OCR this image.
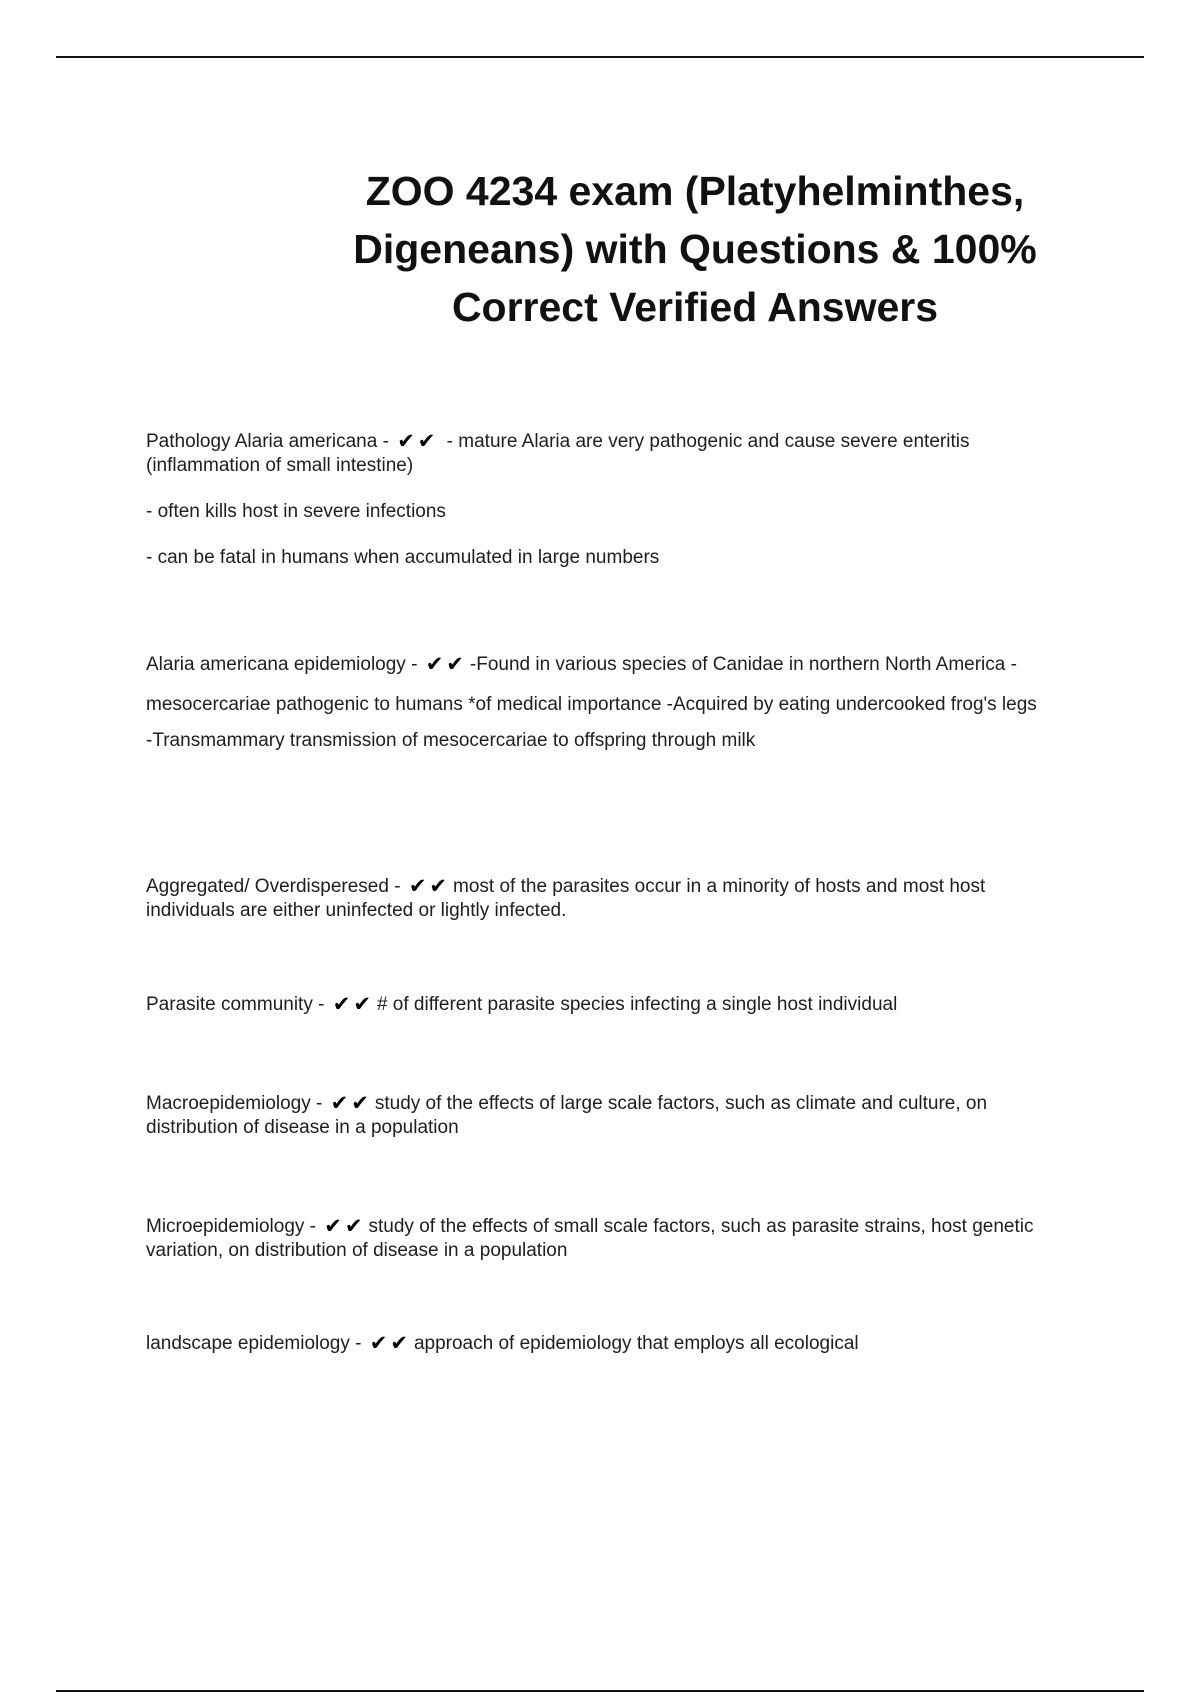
ZOO 4234 exam (Platyhelminthes,
Digeneans) with Questions & 100%
Correct Verified Answers

Pathology Alaria americana - ✔✔ - mature Alaria are very pathogenic and cause severe enteritis (inflammation of small intestine)

- often kills host in severe infections

- can be fatal in humans when accumulated in large numbers

Alaria americana epidemiology - ✔✔ -Found in various species of Canidae in northern North America -mesocercariae pathogenic to humans *of medical importance -Acquired by eating undercooked frog's legs

-Transmammary transmission of mesocercariae to offspring through milk

Aggregated/ Overdisperesed - ✔✔ most of the parasites occur in a minority of hosts and most host individuals are either uninfected or lightly infected.

Parasite community - ✔✔ # of different parasite species infecting a single host individual

Macroepidemiology - ✔✔ study of the effects of large scale factors, such as climate and culture, on distribution of disease in a population

Microepidemiology - ✔✔ study of the effects of small scale factors, such as parasite strains, host genetic variation, on distribution of disease in a population

landscape epidemiology - ✔✔ approach of epidemiology that employs all ecological
